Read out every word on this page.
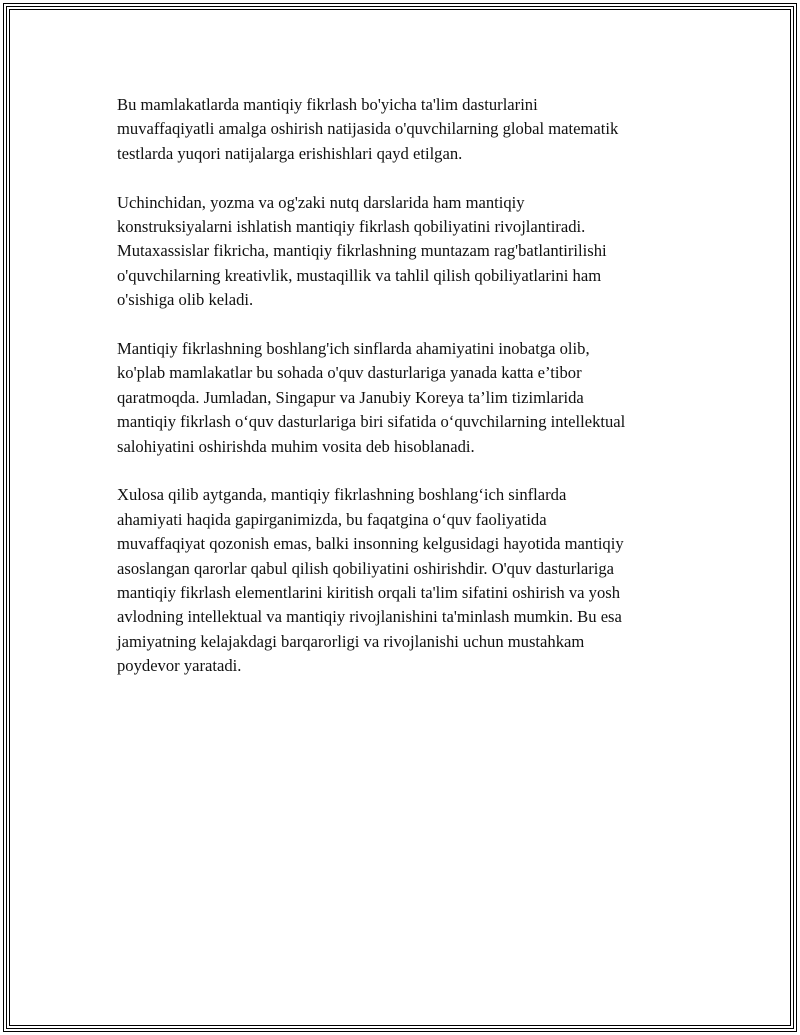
Bu mamlakatlarda mantiqiy fikrlash bo'yicha ta'lim dasturlarini
muvaffaqiyatli amalga oshirish natijasida o'quvchilarning global matematik
testlarda yuqori natijalarga erishishlari qayd etilgan.

Uchinchidan, yozma va og'zaki nutq darslarida ham mantiqiy
konstruksiyalarni ishlatish mantiqiy fikrlash qobiliyatini rivojlantiradi.
Mutaxassislar fikricha, mantiqiy fikrlashning muntazam rag'batlantirilishi
o'quvchilarning kreativlik, mustaqillik va tahlil qilish qobiliyatlarini ham
o'sishiga olib keladi.

Mantiqiy fikrlashning boshlang'ich sinflarda ahamiyatini inobatga olib,
ko'plab mamlakatlar bu sohada o'quv dasturlariga yanada katta e’tibor
qaratmoqda. Jumladan, Singapur va Janubiy Koreya ta’lim tizimlarida
mantiqiy fikrlash o‘quv dasturlariga biri sifatida o‘quvchilarning intellektual
salohiyatini oshirishda muhim vosita deb hisoblanadi.

Xulosa qilib aytganda, mantiqiy fikrlashning boshlang‘ich sinflarda
ahamiyati haqida gapirganimizda, bu faqatgina o‘quv faoliyatida
muvaffaqiyat qozonish emas, balki insonning kelgusidagi hayotida mantiqiy
asoslangan qarorlar qabul qilish qobiliyatini oshirishdir. O'quv dasturlariga
mantiqiy fikrlash elementlarini kiritish orqali ta'lim sifatini oshirish va yosh
avlodning intellektual va mantiqiy rivojlanishini ta'minlash mumkin. Bu esa
jamiyatning kelajakdagi barqarorligi va rivojlanishi uchun mustahkam
poydevor yaratadi.
